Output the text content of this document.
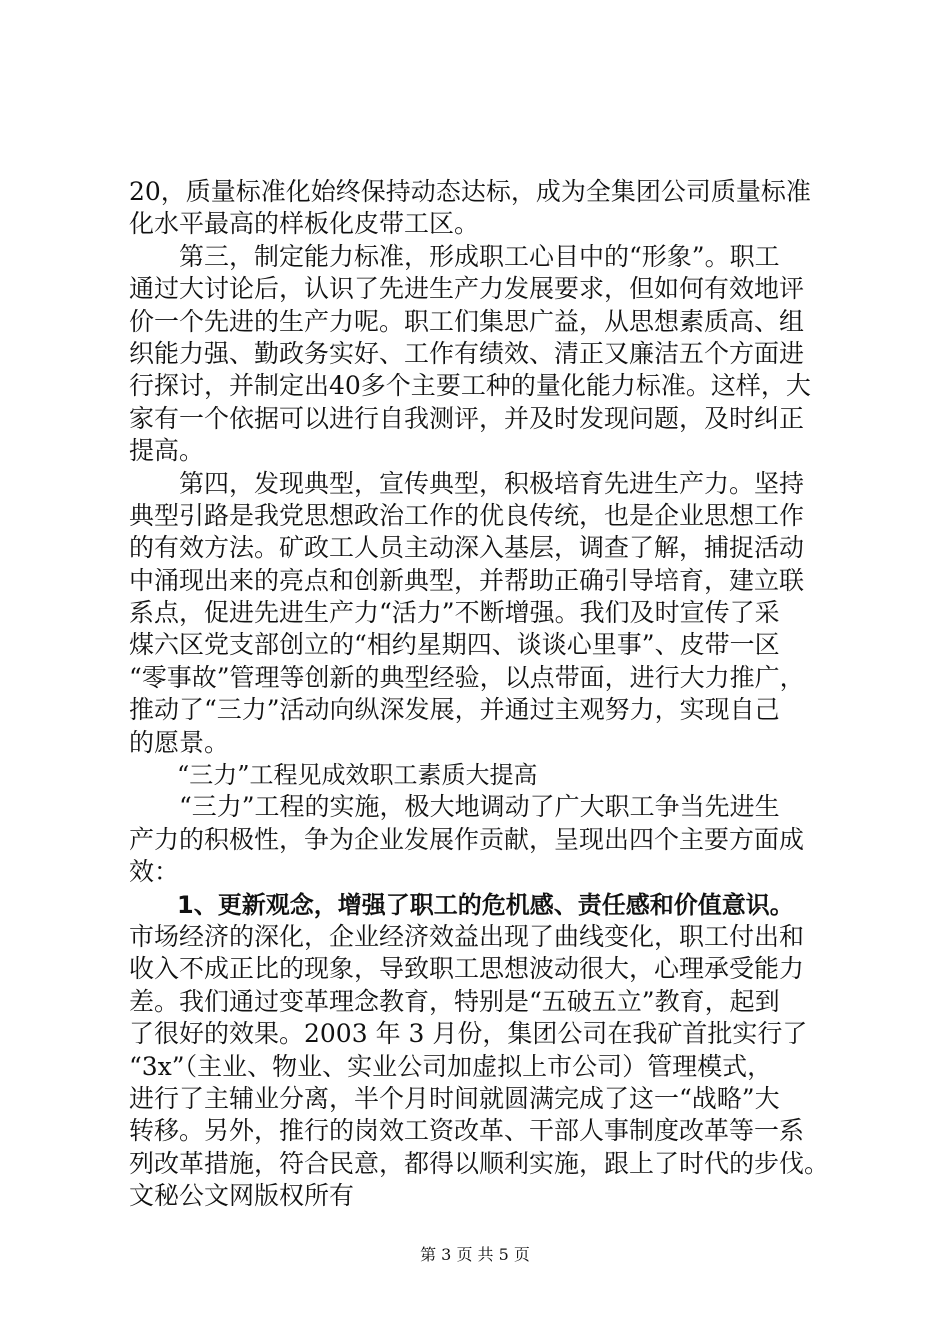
20，质量标准化始终保持动态达标，成为全集团公司质量标准
化水平最高的样板化皮带工区。
　　第三，制定能力标准，形成职工心目中的“形象”。职工
通过大讨论后，认识了先进生产力发展要求，但如何有效地评
价一个先进的生产力呢。职工们集思广益，从思想素质高、组
织能力强、勤政务实好、工作有绩效、清正又廉洁五个方面进
行探讨，并制定出40多个主要工种的量化能力标准。这样，大
家有一个依据可以进行自我测评，并及时发现问题，及时纠正
提高。
　　第四，发现典型，宣传典型，积极培育先进生产力。坚持
典型引路是我党思想政治工作的优良传统，也是企业思想工作
的有效方法。矿政工人员主动深入基层，调查了解，捕捉活动
中涌现出来的亮点和创新典型，并帮助正确引导培育，建立联
系点，促进先进生产力“活力”不断增强。我们及时宣传了采
煤六区党支部创立的“相约星期四、谈谈心里事”、皮带一区
“零事故”管理等创新的典型经验，以点带面，进行大力推广，
推动了“三力”活动向纵深发展，并通过主观努力，实现自己
的愿景。
　　“三力”工程见成效职工素质大提高
　　“三力”工程的实施，极大地调动了广大职工争当先进生
产力的积极性，争为企业发展作贡献，呈现出四个主要方面成
效：
　　1、更新观念，增强了职工的危机感、责任感和价值意识。
市场经济的深化，企业经济效益出现了曲线变化，职工付出和
收入不成正比的现象，导致职工思想波动很大，心理承受能力
差。我们通过变革理念教育，特别是“五破五立”教育，起到
了很好的效果。2003 年 3 月份，集团公司在我矿首批实行了
“3x”（主业、物业、实业公司加虚拟上市公司）管理模式，
进行了主辅业分离，半个月时间就圆满完成了这一“战略”大
转移。另外，推行的岗效工资改革、干部人事制度改革等一系
列改革措施，符合民意，都得以顺利实施，跟上了时代的步伐。
文秘公文网版权所有
第 3 页 共 5 页
